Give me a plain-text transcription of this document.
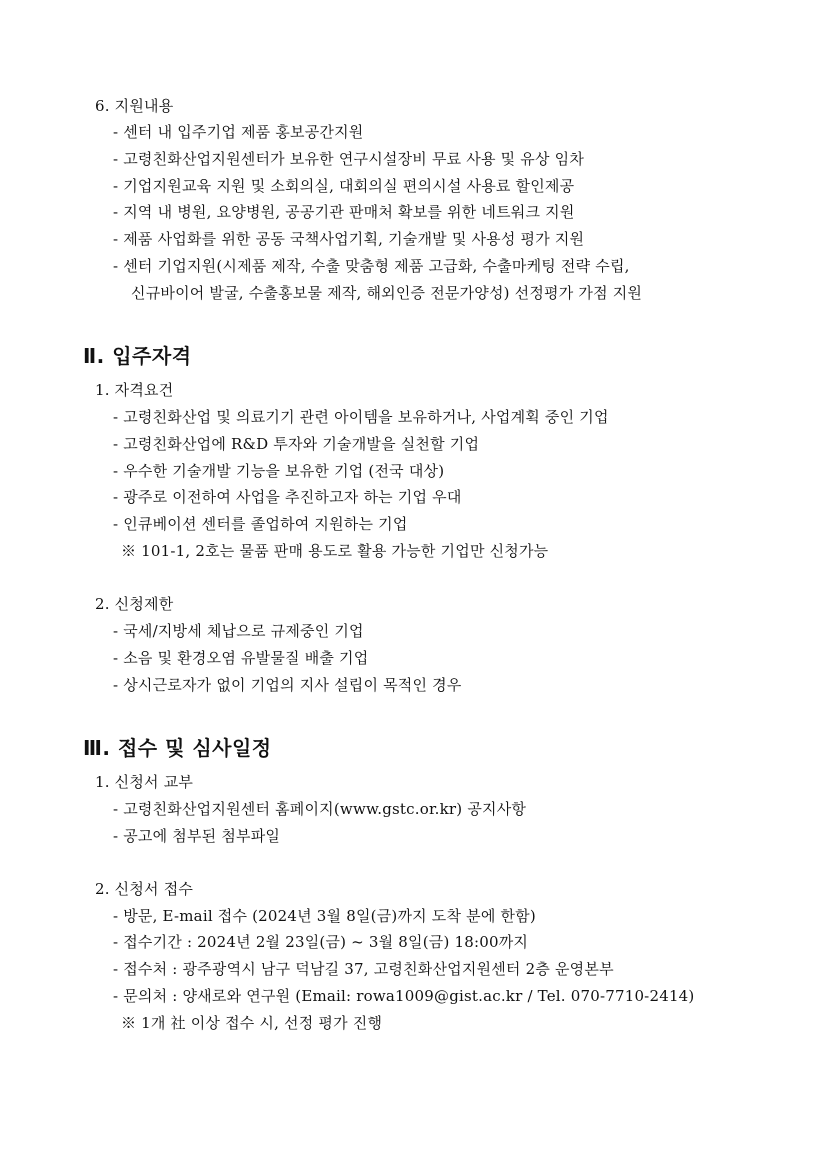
6. 지원내용
- 센터 내 입주기업 제품 홍보공간지원
- 고령친화산업지원센터가 보유한 연구시설장비 무료 사용 및 유상 임차
- 기업지원교육 지원 및 소회의실, 대회의실 편의시설 사용료 할인제공
- 지역 내 병원, 요양병원, 공공기관 판매처 확보를 위한 네트워크 지원
- 제품 사업화를 위한 공동 국책사업기획, 기술개발 및 사용성 평가 지원
- 센터 기업지원(시제품 제작, 수출 맞춤형 제품 고급화, 수출마케팅 전략 수립,
신규바이어 발굴, 수출홍보물 제작, 해외인증 전문가양성) 선정평가 가점 지원
Ⅱ. 입주자격
1. 자격요건
- 고령친화산업 및 의료기기 관련 아이템을 보유하거나, 사업계획 중인 기업
- 고령친화산업에 R&D 투자와 기술개발을 실천할 기업
- 우수한 기술개발 기능을 보유한 기업 (전국 대상)
- 광주로 이전하여 사업을 추진하고자 하는 기업 우대
- 인큐베이션 센터를 졸업하여 지원하는 기업
※ 101-1, 2호는 물품 판매 용도로 활용 가능한 기업만 신청가능
2. 신청제한
- 국세/지방세 체납으로 규제중인 기업
- 소음 및 환경오염 유발물질 배출 기업
- 상시근로자가 없이 기업의 지사 설립이 목적인 경우
Ⅲ. 접수 및 심사일정
1. 신청서 교부
- 고령친화산업지원센터 홈페이지(www.gstc.or.kr) 공지사항
- 공고에 첨부된 첨부파일
2. 신청서 접수
- 방문, E-mail 접수 (2024년 3월 8일(금)까지 도착 분에 한함)
- 접수기간 : 2024년 2월 23일(금) ~ 3월 8일(금) 18:00까지
- 접수처 : 광주광역시 남구 덕남길 37, 고령친화산업지원센터 2층 운영본부
- 문의처 : 양새로와 연구원 (Email: rowa1009@gist.ac.kr / Tel. 070-7710-2414)
※ 1개 社 이상 접수 시, 선정 평가 진행
